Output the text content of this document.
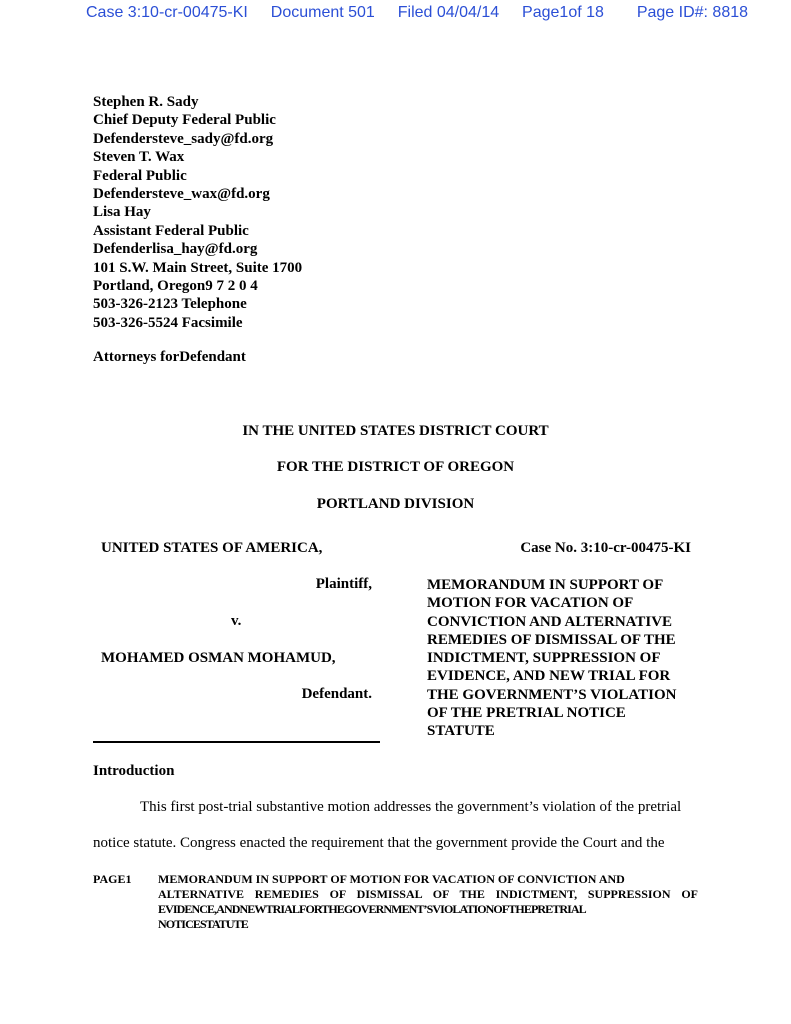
Case 3:10-cr-00475-KI Document 501 Filed 04/04/14 Page1of 18 Page ID#: 8818
Stephen R. Sady
Chief Deputy Federal Public
Defendersteve_sady@fd.org
Steven T. Wax
Federal Public
Defendersteve_wax@fd.org
Lisa Hay
Assistant Federal Public
Defenderlisa_hay@fd.org
101 S.W. Main Street, Suite 1700
Portland, Oregon9 7 2 0 4
503-326-2123 Telephone
503-326-5524 Facsimile
Attorneys forDefendant
IN THE UNITED STATES DISTRICT COURT
FOR THE DISTRICT OF OREGON
PORTLAND DIVISION
UNITED STATES OF AMERICA,	Case No. 3:10-cr-00475-KI
Plaintiff,
v.
MOHAMED OSMAN MOHAMUD,
Defendant.
MEMORANDUM IN SUPPORT OF
MOTION FOR VACATION OF
CONVICTION AND ALTERNATIVE
REMEDIES OF DISMISSAL OF THE
INDICTMENT, SUPPRESSION OF
EVIDENCE, AND NEW TRIAL FOR
THE GOVERNMENT’S VIOLATION
OF THE PRETRIAL NOTICE
STATUTE
Introduction
This first post-trial substantive motion addresses the government’s violation of the pretrial
notice statute. Congress enacted the requirement that the government provide the Court and the
PAGE1 MEMORANDUM IN SUPPORT OF MOTION FOR VACATION OF CONVICTION AND
ALTERNATIVE REMEDIES OF DISMISSAL OF THE INDICTMENT, SUPPRESSION OF
EVIDENCE,ANDNEWTRIALFORTHEGOVERNMENT’SVIOLATIONOFTHEPRETRIAL
NOTICESTATUTE
